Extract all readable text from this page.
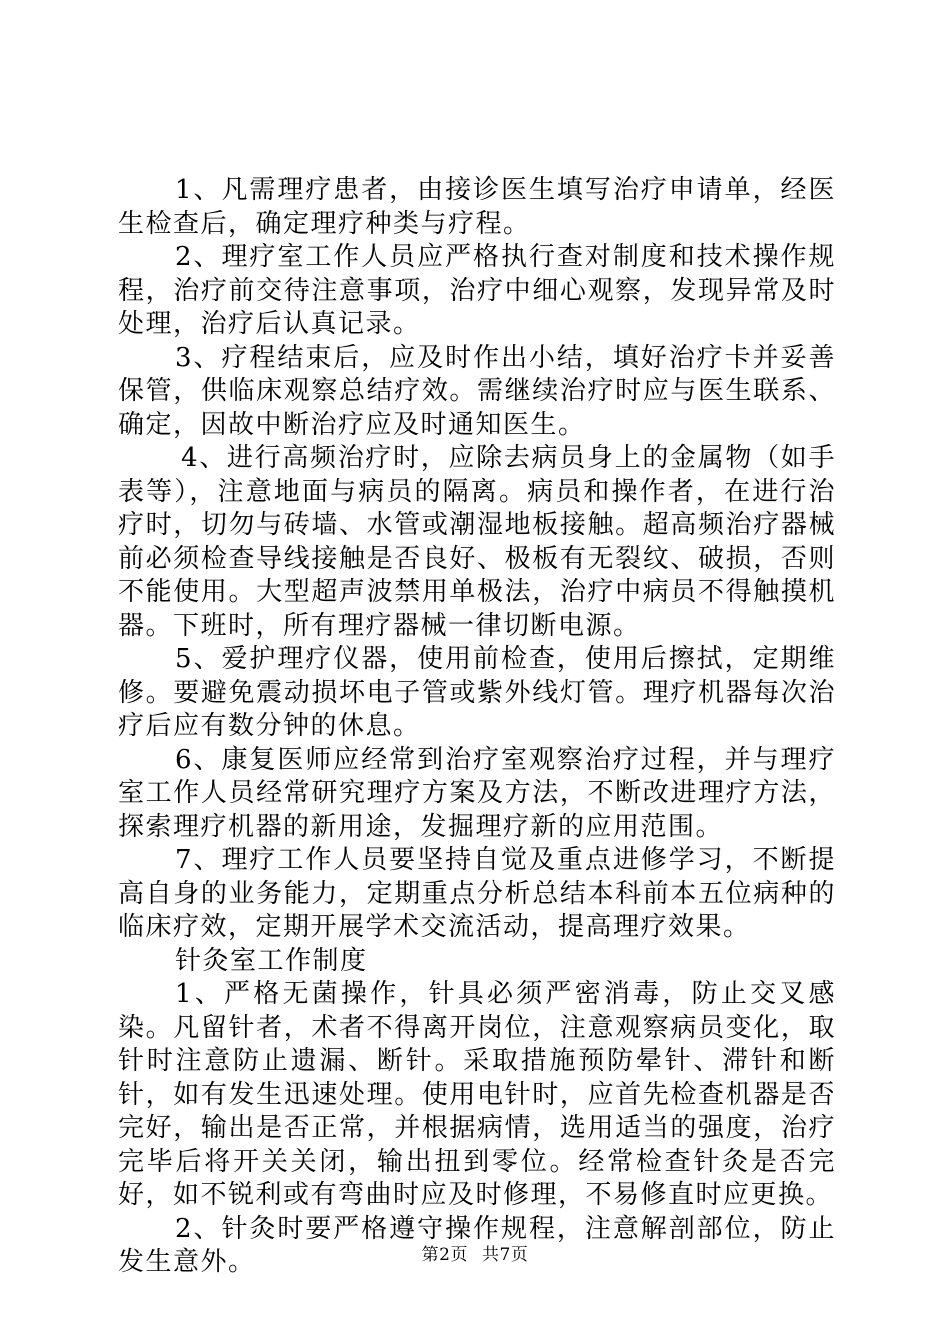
1、凡需理疗患者，由接诊医生填写治疗申请单，经医生检查后，确定理疗种类与疗程。

2、理疗室工作人员应严格执行查对制度和技术操作规程，治疗前交待注意事项，治疗中细心观察，发现异常及时处理，治疗后认真记录。

3、疗程结束后，应及时作出小结，填好治疗卡并妥善保管，供临床观察总结疗效。需继续治疗时应与医生联系、确定，因故中断治疗应及时通知医生。

4、进行高频治疗时，应除去病员身上的金属物（如手表等），注意地面与病员的隔离。病员和操作者，在进行治疗时，切勿与砖墙、水管或潮湿地板接触。超高频治疗器械前必须检查导线接触是否良好、极板有无裂纹、破损，否则不能使用。大型超声波禁用单极法，治疗中病员不得触摸机器。下班时，所有理疗器械一律切断电源。

5、爱护理疗仪器，使用前检查，使用后擦拭，定期维修。要避免震动损坏电子管或紫外线灯管。理疗机器每次治疗后应有数分钟的休息。

6、康复医师应经常到治疗室观察治疗过程，并与理疗室工作人员经常研究理疗方案及方法，不断改进理疗方法，探索理疗机器的新用途，发掘理疗新的应用范围。

7、理疗工作人员要坚持自觉及重点进修学习，不断提高自身的业务能力，定期重点分析总结本科前本五位病种的临床疗效，定期开展学术交流活动，提高理疗效果。

针灸室工作制度

1、严格无菌操作，针具必须严密消毒，防止交叉感染。凡留针者，术者不得离开岗位，注意观察病员变化，取针时注意防止遗漏、断针。采取措施预防晕针、滞针和断针，如有发生迅速处理。使用电针时，应首先检查机器是否完好，输出是否正常，并根据病情，选用适当的强度，治疗完毕后将开关关闭，输出扭到零位。经常检查针灸是否完好，如不锐利或有弯曲时应及时修理，不易修直时应更换。

2、针灸时要严格遵守操作规程，注意解剖部位，防止发生意外。	第2页 共7页
